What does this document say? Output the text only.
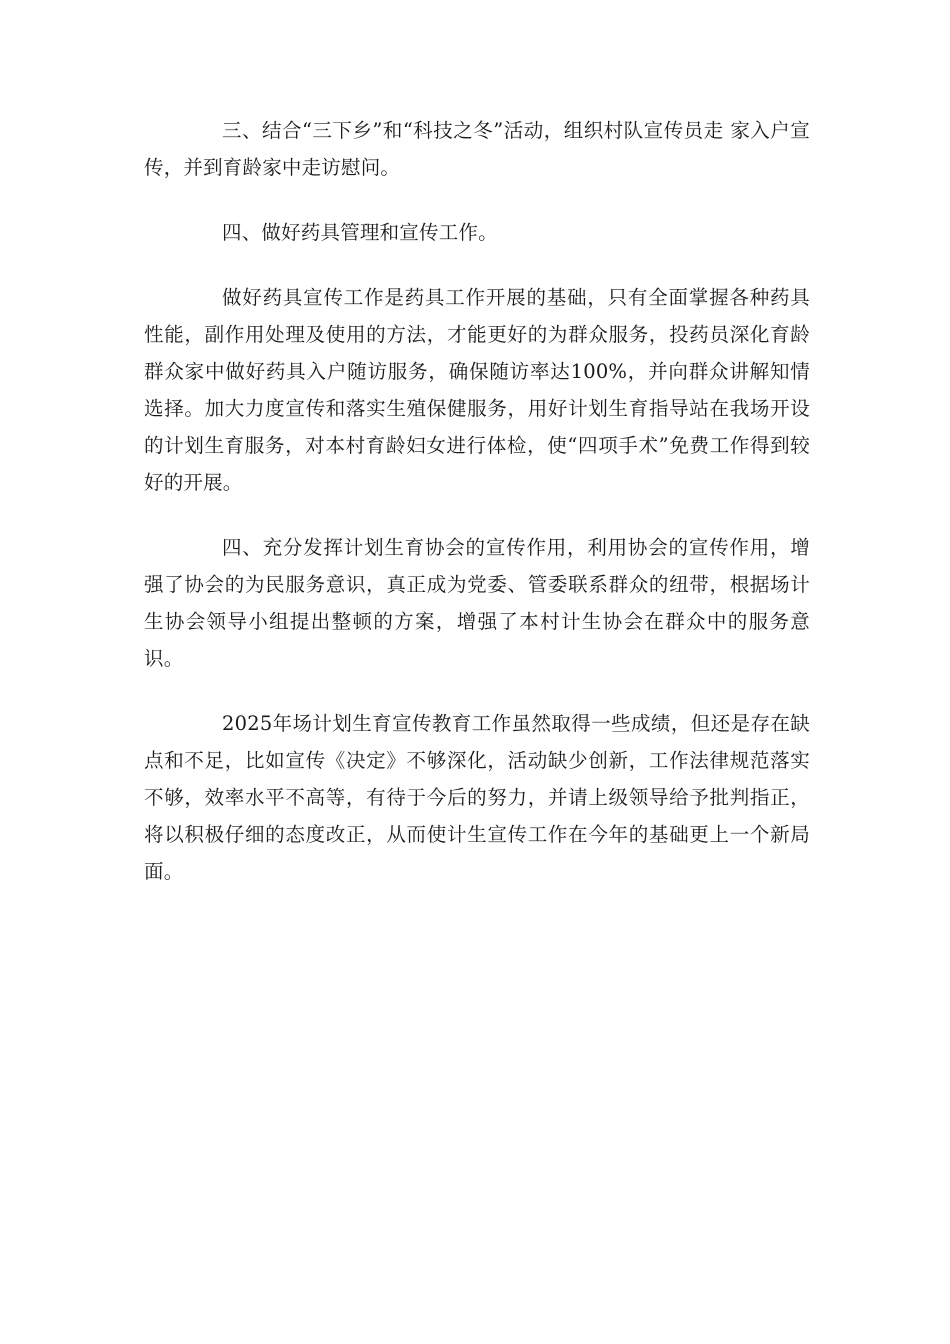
三、结合“三下乡”和“科技之冬”活动，组织村队宣传员走 家入户宣传，并到育龄家中走访慰问。

四、做好药具管理和宣传工作。

做好药具宣传工作是药具工作开展的基础，只有全面掌握各种药具性能，副作用处理及使用的方法，才能更好的为群众服务，投药员深化育龄群众家中做好药具入户随访服务，确保随访率达100%，并向群众讲解知情选择。加大力度宣传和落实生殖保健服务，用好计划生育指导站在我场开设的计划生育服务，对本村育龄妇女进行体检，使“四项手术”免费工作得到较好的开展。

四、充分发挥计划生育协会的宣传作用，利用协会的宣传作用，增强了协会的为民服务意识，真正成为党委、管委联系群众的纽带，根据场计生协会领导小组提出整顿的方案，增强了本村计生协会在群众中的服务意识。

2025年场计划生育宣传教育工作虽然取得一些成绩，但还是存在缺点和不足，比如宣传《决定》不够深化，活动缺少创新，工作法律规范落实不够，效率水平不高等，有待于今后的努力，并请上级领导给予批判指正，将以积极仔细的态度改正，从而使计生宣传工作在今年的基础更上一个新局面。
